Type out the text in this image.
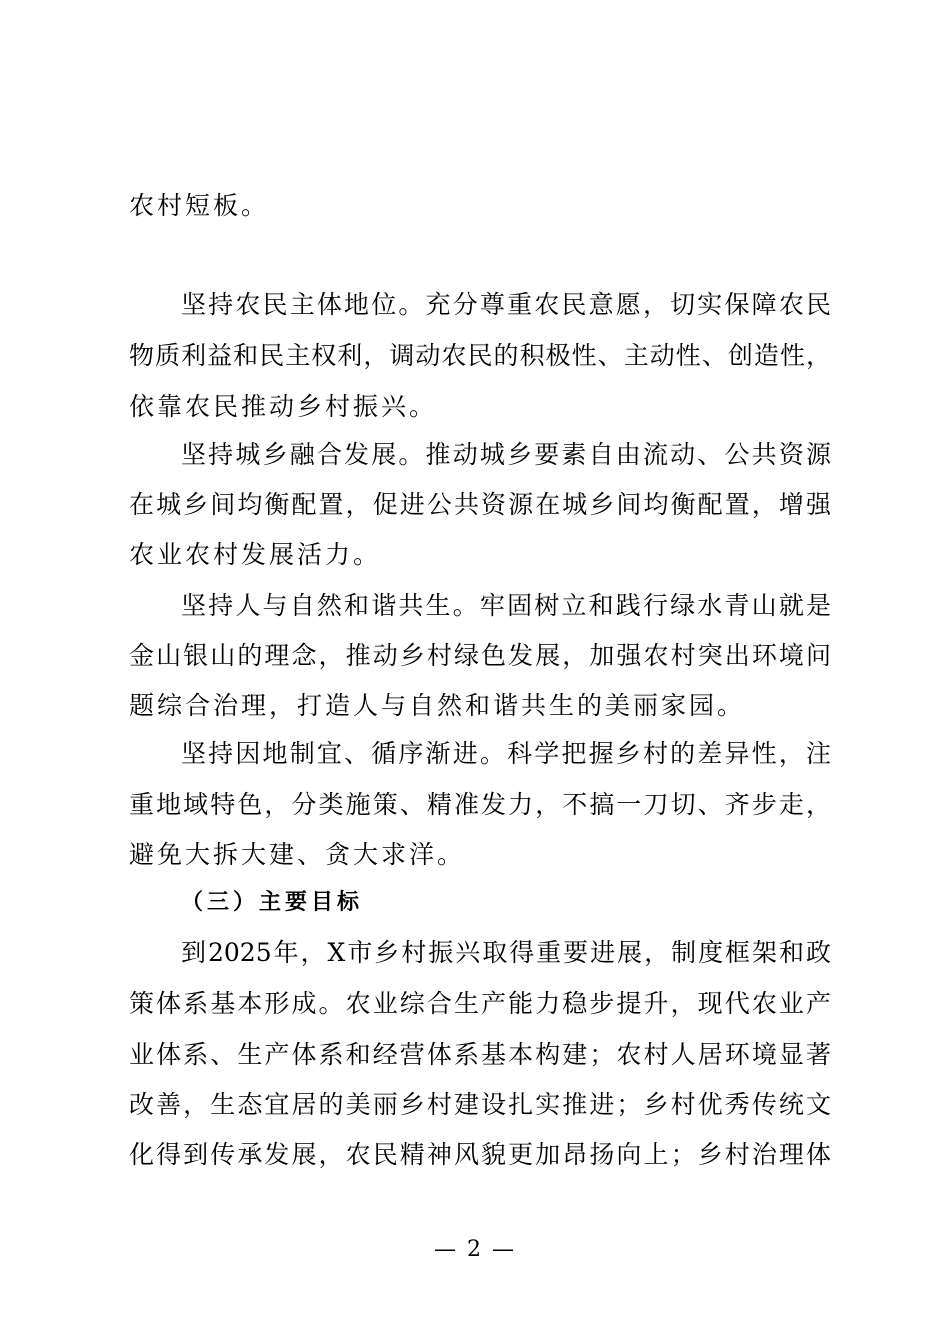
农村短板。
坚持农民主体地位。充分尊重农民意愿，切实保障农民
物质利益和民主权利，调动农民的积极性、主动性、创造性，
依靠农民推动乡村振兴。
坚持城乡融合发展。推动城乡要素自由流动、公共资源
在城乡间均衡配置，促进公共资源在城乡间均衡配置，增强
农业农村发展活力。
坚持人与自然和谐共生。牢固树立和践行绿水青山就是
金山银山的理念，推动乡村绿色发展，加强农村突出环境问
题综合治理，打造人与自然和谐共生的美丽家园。
坚持因地制宜、循序渐进。科学把握乡村的差异性，注
重地域特色，分类施策、精准发力，不搞一刀切、齐步走，
避免大拆大建、贪大求洋。
（三）主要目标
到2025年，X市乡村振兴取得重要进展，制度框架和政
策体系基本形成。农业综合生产能力稳步提升，现代农业产
业体系、生产体系和经营体系基本构建；农村人居环境显著
改善，生态宜居的美丽乡村建设扎实推进；乡村优秀传统文
化得到传承发展，农民精神风貌更加昂扬向上；乡村治理体
— 2 —
